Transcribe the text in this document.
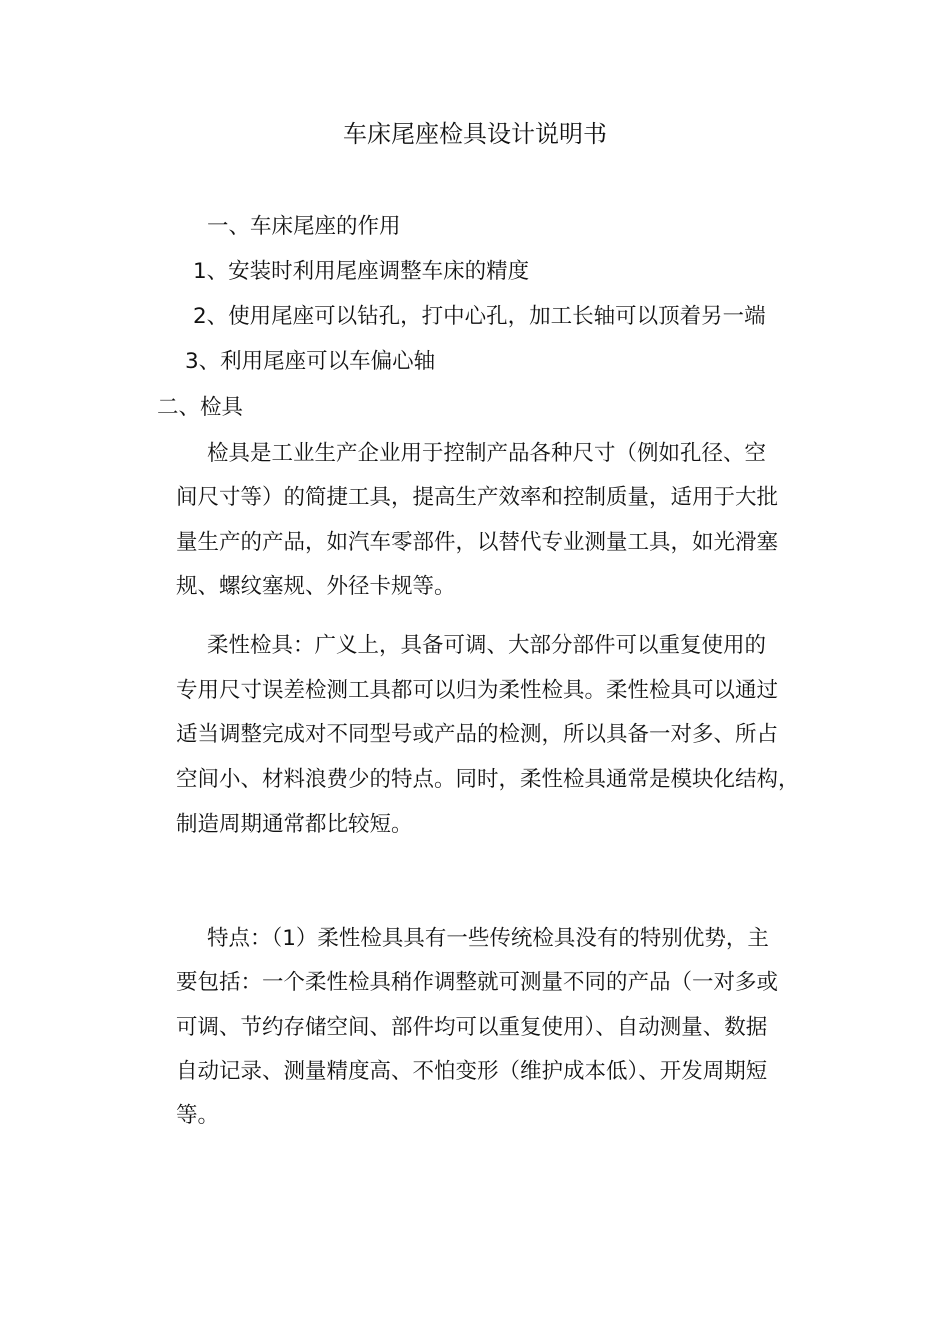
车床尾座检具设计说明书
一、车床尾座的作用
1、安装时利用尾座调整车床的精度
2、使用尾座可以钻孔，打中心孔，加工长轴可以顶着另一端
3、利用尾座可以车偏心轴
二、检具
检具是工业生产企业用于控制产品各种尺寸（例如孔径、空
间尺寸等）的简捷工具，提高生产效率和控制质量，适用于大批
量生产的产品，如汽车零部件，以替代专业测量工具，如光滑塞
规、螺纹塞规、外径卡规等。
柔性检具：广义上，具备可调、大部分部件可以重复使用的
专用尺寸误差检测工具都可以归为柔性检具。柔性检具可以通过
适当调整完成对不同型号或产品的检测，所以具备一对多、所占
空间小、材料浪费少的特点。同时，柔性检具通常是模块化结构，
制造周期通常都比较短。
特点：（1）柔性检具具有一些传统检具没有的特别优势，主
要包括：一个柔性检具稍作调整就可测量不同的产品（一对多或
可调、节约存储空间、部件均可以重复使用）、自动测量、数据
自动记录、测量精度高、不怕变形（维护成本低）、开发周期短
等。
